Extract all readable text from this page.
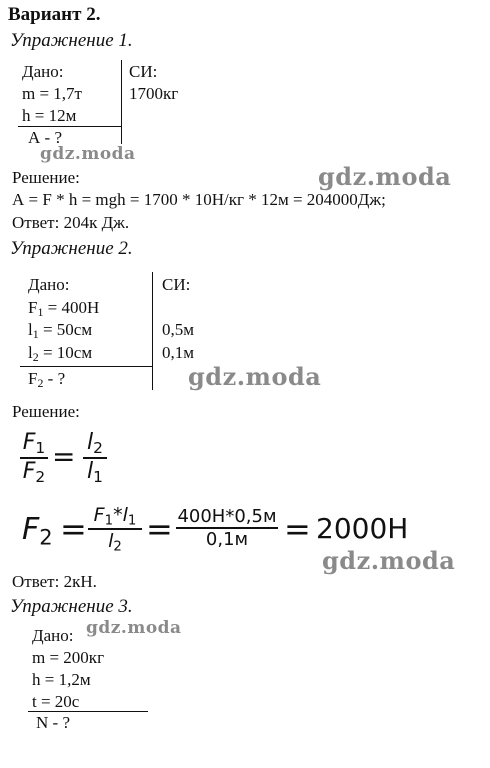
Вариант 2.
Упражнение 1.
Дано:
m = 1,7т
h = 12м
А - ?
СИ:
1700кг
gdz.moda
gdz.moda
Решение:
А = F * h = mgh = 1700 * 10Н/кг * 12м = 204000Дж;
Ответ: 204к Дж.
Упражнение 2.
Дано:
$F_1 = 400Н$
$l_1 = 50см$
$l_2 = 10см$
$F_2$ - ?
СИ:
0,5м
0,1м
gdz.moda
Решение:
$F_1$
$F_2$
= $l_2$
$l_1$
$F_2 = F_1*l_1$
$l_2 = 400Н*0,5м$
0,1м = 2000Н
gdz.moda
Ответ: 2кН.
Упражнение 3.
Дано: gdz.moda
m = 200кг
h = 1,2м
t = 20с
N - ?
